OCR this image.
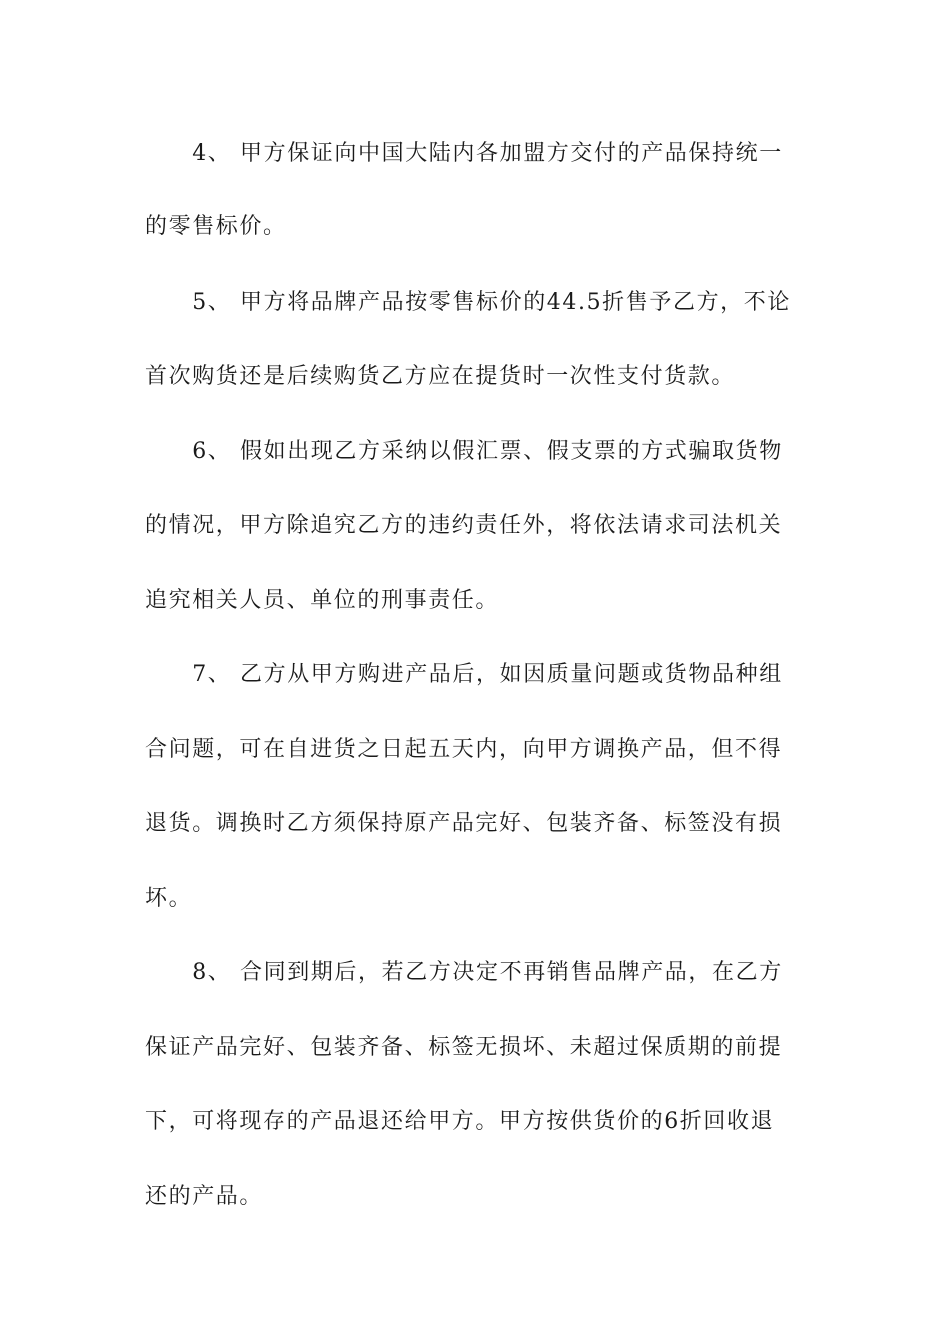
　　4、 甲方保证向中国大陆内各加盟方交付的产品保持统一
的零售标价。
　　5、 甲方将品牌产品按零售标价的44.5折售予乙方，不论
首次购货还是后续购货乙方应在提货时一次性支付货款。
　　6、 假如出现乙方采纳以假汇票、假支票的方式骗取货物
的情况，甲方除追究乙方的违约责任外，将依法请求司法机关
追究相关人员、单位的刑事责任。
　　7、 乙方从甲方购进产品后，如因质量问题或货物品种组
合问题，可在自进货之日起五天内，向甲方调换产品，但不得
退货。调换时乙方须保持原产品完好、包装齐备、标签没有损
坏。
　　8、 合同到期后，若乙方决定不再销售品牌产品，在乙方
保证产品完好、包装齐备、标签无损坏、未超过保质期的前提
下，可将现存的产品退还给甲方。甲方按供货价的6折回收退
还的产品。
